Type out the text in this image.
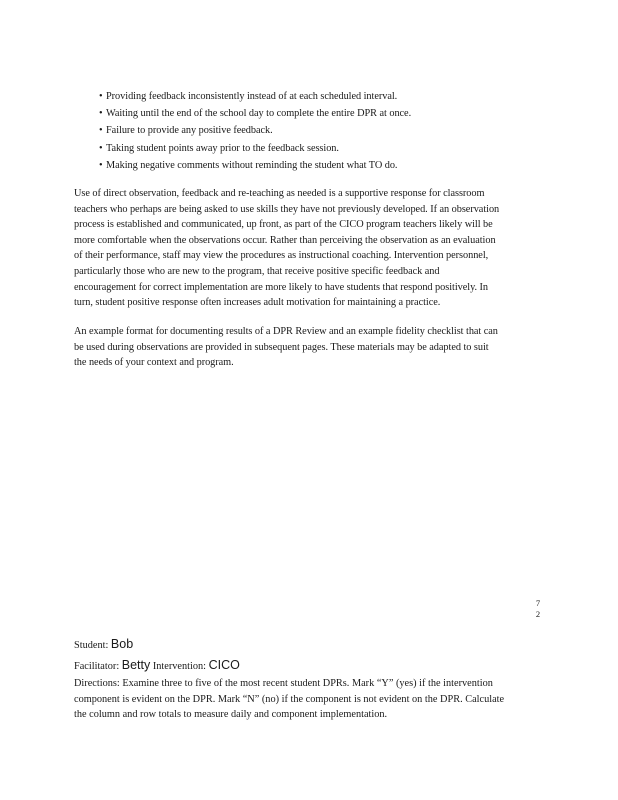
• Providing feedback inconsistently instead of at each scheduled interval.
• Waiting until the end of the school day to complete the entire DPR at once.
• Failure to provide any positive feedback.
• Taking student points away prior to the feedback session.
• Making negative comments without reminding the student what TO do.

Use of direct observation, feedback and re-teaching as needed is a supportive response for classroom
teachers who perhaps are being asked to use skills they have not previously developed. If an observation
process is established and communicated, up front, as part of the CICO program teachers likely will be
more comfortable when the observations occur. Rather than perceiving the observation as an evaluation
of their performance, staff may view the procedures as instructional coaching. Intervention personnel,
particularly those who are new to the program, that receive positive specific feedback and
encouragement for correct implementation are more likely to have students that respond positively. In
turn, student positive response often increases adult motivation for maintaining a practice.

An example format for documenting results of a DPR Review and an example fidelity checklist that can
be used during observations are provided in subsequent pages. These materials may be adapted to suit
the needs of your context and program.

7
2
Student: Bob
Facilitator: Betty Intervention: CICO
Directions: Examine three to five of the most recent student DPRs. Mark “Y” (yes) if the intervention
component is evident on the DPR. Mark “N” (no) if the component is not evident on the DPR. Calculate
the column and row totals to measure daily and component implementation.
